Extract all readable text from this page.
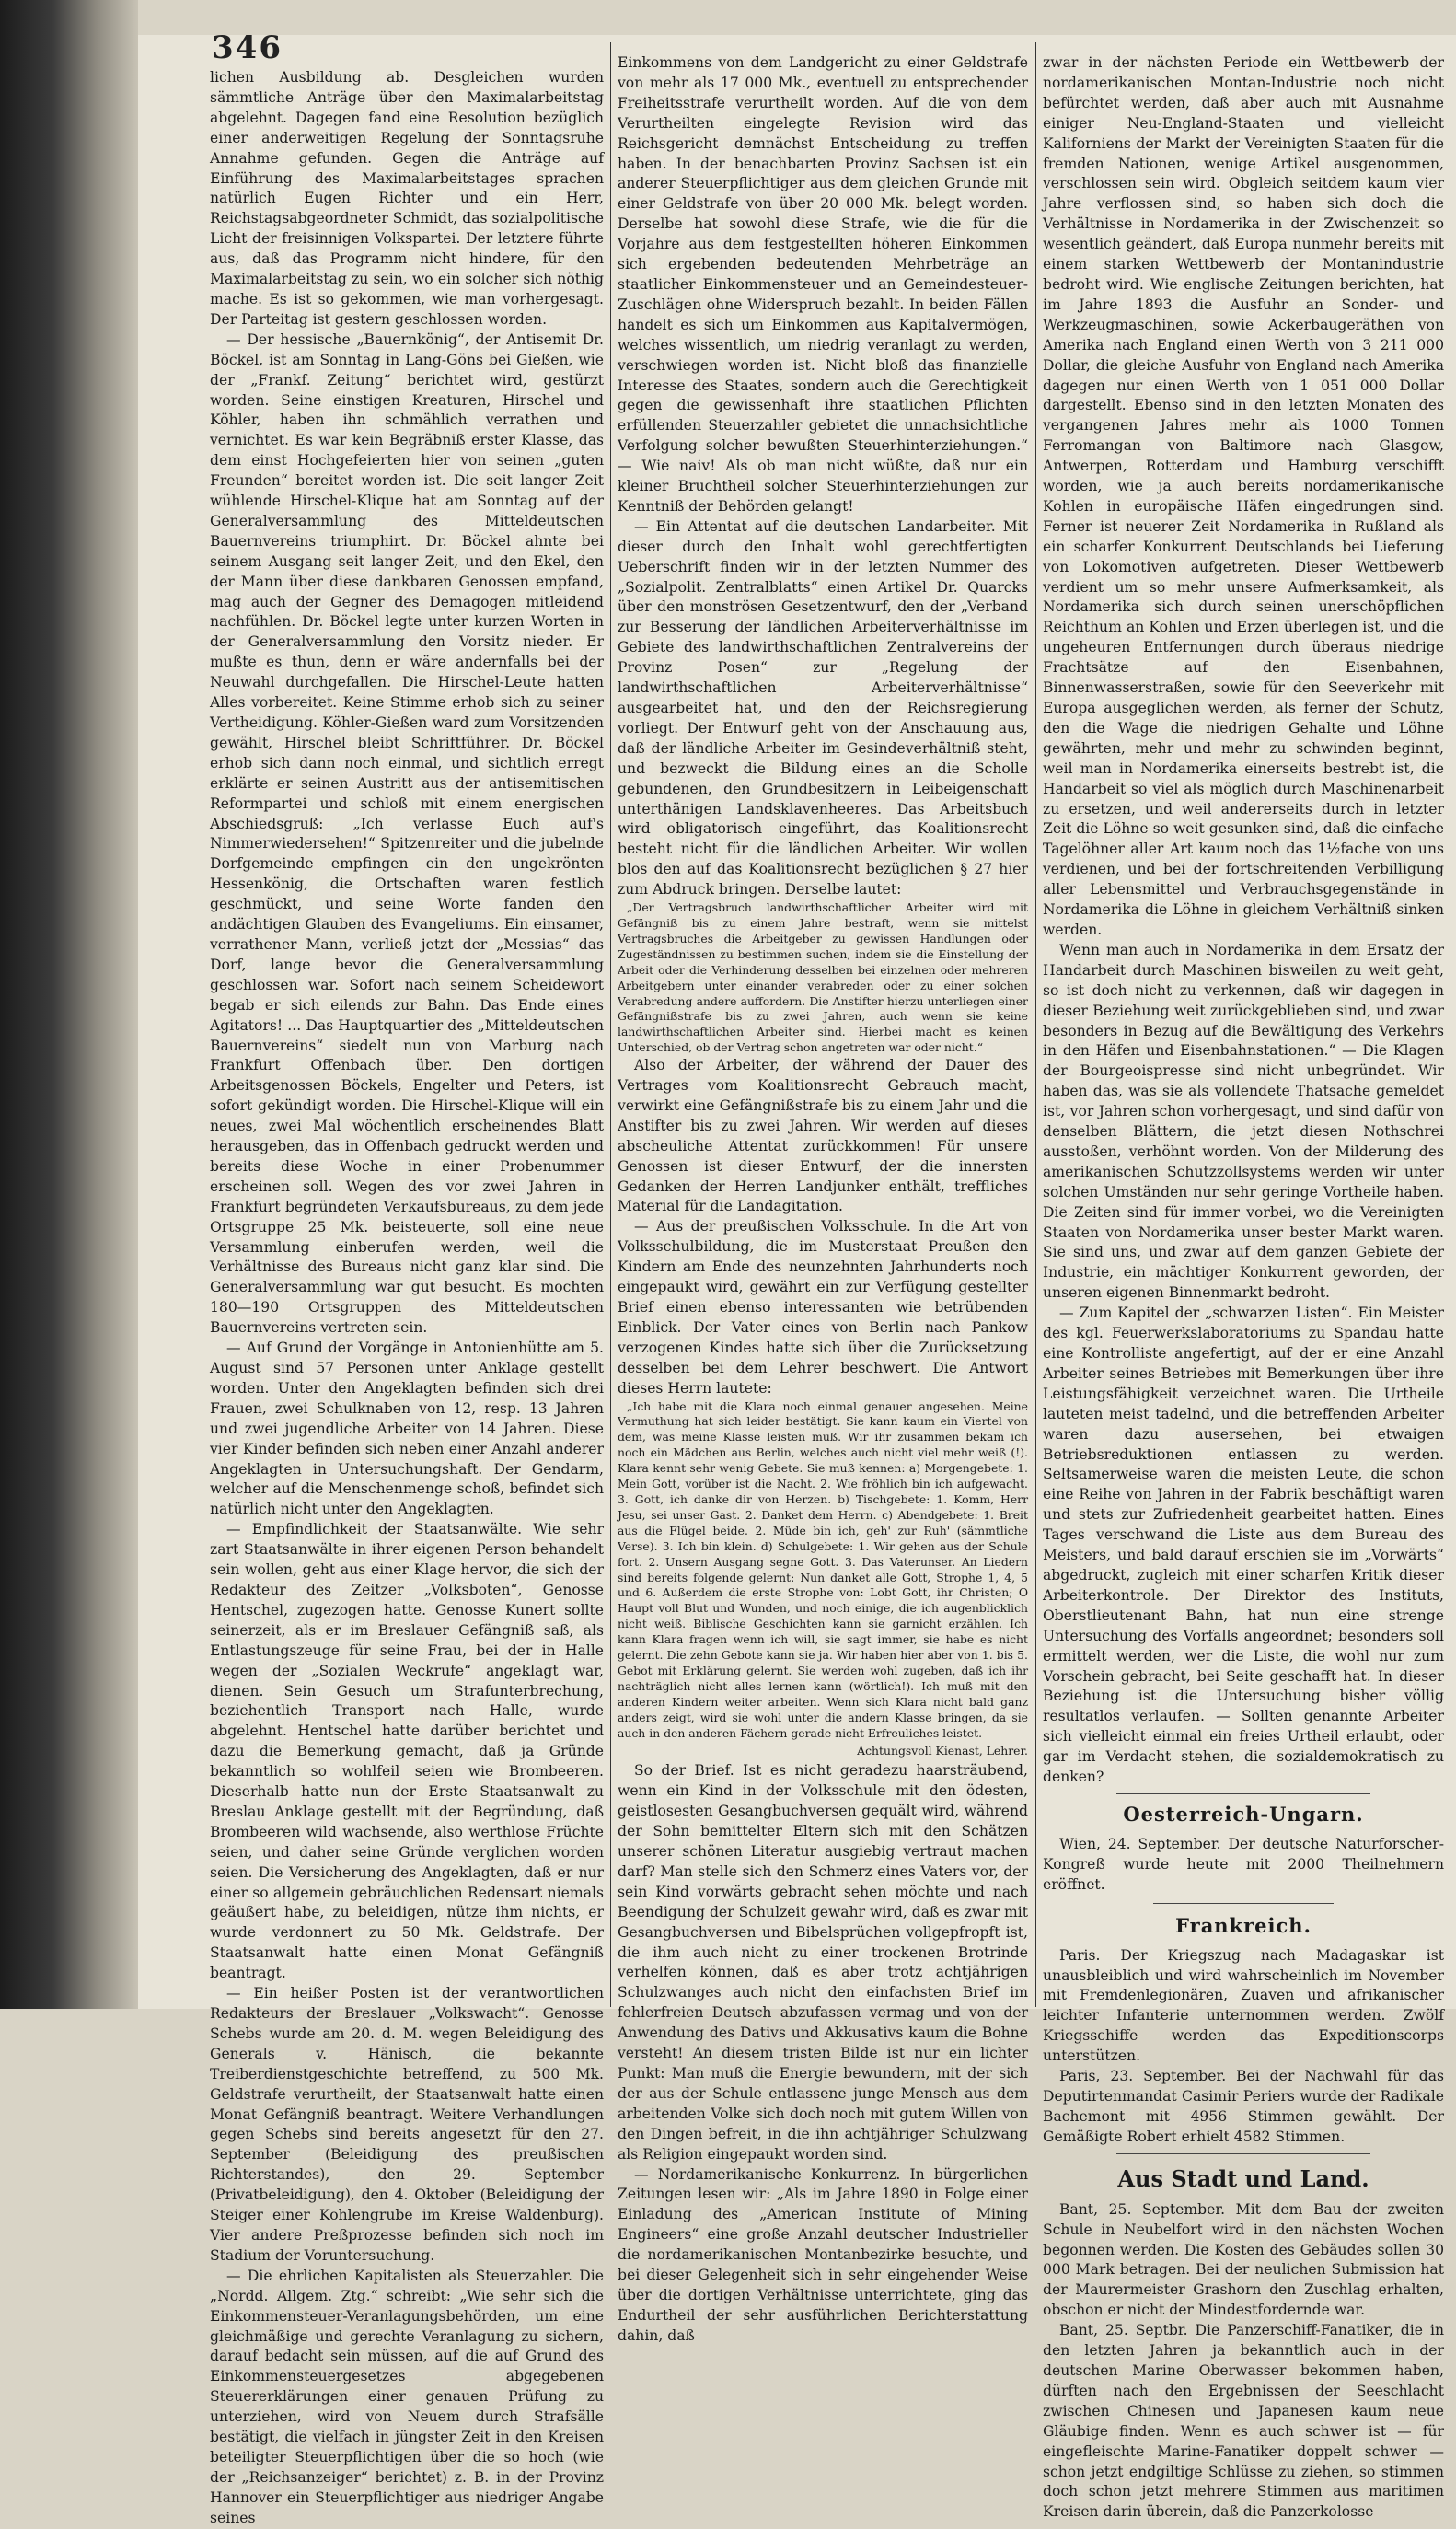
346

lichen Ausbildung ab. Desgleichen wurden sämmtliche Anträge über den Maximalarbeitstag abgelehnt. Dagegen fand eine Resolution bezüglich einer anderweitigen Regelung der Sonntagsruhe Annahme gefunden. Gegen die Anträge auf Einführung des Maximalarbeitstages sprachen natürlich Eugen Richter und ein Herr, Reichstagsabgeordneter Schmidt, das sozialpolitische Licht der freisinnigen Volkspartei. Der letztere führte aus, daß das Programm nicht hindere, für den Maximalarbeitstag zu sein, wo ein solcher sich nöthig mache. Es ist so gekommen, wie man vorhergesagt. Der Parteitag ist gestern geschlossen worden.

— Der hessische „Bauernkönig“, der Antisemit Dr. Böckel, ist am Sonntag in Lang-Göns bei Gießen, wie der „Frankf. Zeitung“ berichtet wird, gestürzt worden. Seine einstigen Kreaturen, Hirschel und Köhler, haben ihn schmählich verrathen und vernichtet. Es war kein Begräbniß erster Klasse, das dem einst Hochgefeierten hier von seinen „guten Freunden“ bereitet worden ist. Die seit langer Zeit wühlende Hirschel-Klique hat am Sonntag auf der Generalversammlung des Mitteldeutschen Bauernvereins triumphirt. Dr. Böckel ahnte bei seinem Ausgang seit langer Zeit, und den Ekel, den der Mann über diese dankbaren Genossen empfand, mag auch der Gegner des Demagogen mitleidend nachfühlen. Dr. Böckel legte unter kurzen Worten in der Generalversammlung den Vorsitz nieder. Er mußte es thun, denn er wäre andernfalls bei der Neuwahl durchgefallen. Die Hirschel-Leute hatten Alles vorbereitet. Keine Stimme erhob sich zu seiner Vertheidigung. Köhler-Gießen ward zum Vorsitzenden gewählt, Hirschel bleibt Schriftführer. Dr. Böckel erhob sich dann noch einmal, und sichtlich erregt erklärte er seinen Austritt aus der antisemitischen Reformpartei und schloß mit einem energischen Abschiedsgruß: „Ich verlasse Euch auf's Nimmerwiedersehen!“ Spitzenreiter und die jubelnde Dorfgemeinde empfingen ein den ungekrönten Hessenkönig, die Ortschaften waren festlich geschmückt, und seine Worte fanden den andächtigen Glauben des Evangeliums. Ein einsamer, verrathener Mann, verließ jetzt der „Messias“ das Dorf, lange bevor die Generalversammlung geschlossen war. Sofort nach seinem Scheidewort begab er sich eilends zur Bahn. Das Ende eines Agitators! ... Das Hauptquartier des „Mitteldeutschen Bauernvereins“ siedelt nun von Marburg nach Frankfurt Offenbach über. Den dortigen Arbeitsgenossen Böckels, Engelter und Peters, ist sofort gekündigt worden. Die Hirschel-Klique will ein neues, zwei Mal wöchentlich erscheinendes Blatt herausgeben, das in Offenbach gedruckt werden und bereits diese Woche in einer Probenummer erscheinen soll. Wegen des vor zwei Jahren in Frankfurt begründeten Verkaufsbureaus, zu dem jede Ortsgruppe 25 Mk. beisteuerte, soll eine neue Versammlung einberufen werden, weil die Verhältnisse des Bureaus nicht ganz klar sind. Die Generalversammlung war gut besucht. Es mochten 180—190 Ortsgruppen des Mitteldeutschen Bauernvereins vertreten sein.

— Auf Grund der Vorgänge in Antonienhütte am 5. August sind 57 Personen unter Anklage gestellt worden. Unter den Angeklagten befinden sich drei Frauen, zwei Schulknaben von 12, resp. 13 Jahren und zwei jugendliche Arbeiter von 14 Jahren. Diese vier Kinder befinden sich neben einer Anzahl anderer Angeklagten in Untersuchungshaft. Der Gendarm, welcher auf die Menschenmenge schoß, befindet sich natürlich nicht unter den Angeklagten.

— Empfindlichkeit der Staatsanwälte. Wie sehr zart Staatsanwälte in ihrer eigenen Person behandelt sein wollen, geht aus einer Klage hervor, die sich der Redakteur des Zeitzer „Volksboten“, Genosse Hentschel, zugezogen hatte. Genosse Kunert sollte seinerzeit, als er im Breslauer Gefängniß saß, als Entlastungszeuge für seine Frau, bei der in Halle wegen der „Sozialen Weckrufe“ angeklagt war, dienen. Sein Gesuch um Strafunterbrechung, beziehentlich Transport nach Halle, wurde abgelehnt. Hentschel hatte darüber berichtet und dazu die Bemerkung gemacht, daß ja Gründe bekanntlich so wohlfeil seien wie Brombeeren. Dieserhalb hatte nun der Erste Staatsanwalt zu Breslau Anklage gestellt mit der Begründung, daß Brombeeren wild wachsende, also werthlose Früchte seien, und daher seine Gründe verglichen worden seien. Die Versicherung des Angeklagten, daß er nur einer so allgemein gebräuchlichen Redensart niemals geäußert habe, zu beleidigen, nütze ihm nichts, er wurde verdonnert zu 50 Mk. Geldstrafe. Der Staatsanwalt hatte einen Monat Gefängniß beantragt.

— Ein heißer Posten ist der verantwortlichen Redakteurs der Breslauer „Volkswacht“. Genosse Schebs wurde am 20. d. M. wegen Beleidigung des Generals v. Hänisch, die bekannte Treiberdienstgeschichte betreffend, zu 500 Mk. Geldstrafe verurtheilt, der Staatsanwalt hatte einen Monat Gefängniß beantragt. Weitere Verhandlungen gegen Schebs sind bereits angesetzt für den 27. September (Beleidigung des preußischen Richterstandes), den 29. September (Privatbeleidigung), den 4. Oktober (Beleidigung der Steiger einer Kohlengrube im Kreise Waldenburg). Vier andere Preßprozesse befinden sich noch im Stadium der Voruntersuchung.

— Die ehrlichen Kapitalisten als Steuerzahler. Die „Nordd. Allgem. Ztg.“ schreibt: „Wie sehr sich die Einkommensteuer-Veranlagungsbehörden, um eine gleichmäßige und gerechte Veranlagung zu sichern, darauf bedacht sein müssen, auf die auf Grund des Einkommensteuergesetzes abgegebenen Steuererklärungen einer genauen Prüfung zu unterziehen, wird von Neuem durch Strafsälle bestätigt, die vielfach in jüngster Zeit in den Kreisen beteiligter Steuerpflichtigen über die so hoch (wie der „Reichsanzeiger“ berichtet) z. B. in der Provinz Hannover ein Steuerpflichtiger aus niedriger Angabe seines

Einkommens von dem Landgericht zu einer Geldstrafe von mehr als 17 000 Mk., eventuell zu entsprechender Freiheitsstrafe verurtheilt worden. Auf die von dem Verurtheilten eingelegte Revision wird das Reichsgericht demnächst Entscheidung zu treffen haben. In der benachbarten Provinz Sachsen ist ein anderer Steuerpflichtiger aus dem gleichen Grunde mit einer Geldstrafe von über 20 000 Mk. belegt worden. Derselbe hat sowohl diese Strafe, wie die für die Vorjahre aus dem festgestellten höheren Einkommen sich ergebenden bedeutenden Mehrbeträge an staatlicher Einkommensteuer und an Gemeindesteuer-Zuschlägen ohne Widerspruch bezahlt. In beiden Fällen handelt es sich um Einkommen aus Kapitalvermögen, welches wissentlich, um niedrig veranlagt zu werden, verschwiegen worden ist. Nicht bloß das finanzielle Interesse des Staates, sondern auch die Gerechtigkeit gegen die gewissenhaft ihre staatlichen Pflichten erfüllenden Steuerzahler gebietet die unnachsichtliche Verfolgung solcher bewußten Steuerhinterziehungen.“ — Wie naiv! Als ob man nicht wüßte, daß nur ein kleiner Bruchtheil solcher Steuerhinterziehungen zur Kenntniß der Behörden gelangt!

— Ein Attentat auf die deutschen Landarbeiter. Mit dieser durch den Inhalt wohl gerechtfertigten Ueberschrift finden wir in der letzten Nummer des „Sozialpolit. Zentralblatts“ einen Artikel Dr. Quarcks über den monströsen Gesetzentwurf, den der „Verband zur Besserung der ländlichen Arbeiterverhältnisse im Gebiete des landwirthschaftlichen Zentralvereins der Provinz Posen“ zur „Regelung der landwirthschaftlichen Arbeiterverhältnisse“ ausgearbeitet hat, und den der Reichsregierung vorliegt. Der Entwurf geht von der Anschauung aus, daß der ländliche Arbeiter im Gesindeverhältniß steht, und bezweckt die Bildung eines an die Scholle gebundenen, den Grundbesitzern in Leibeigenschaft unterthänigen Landsklavenheeres. Das Arbeitsbuch wird obligatorisch eingeführt, das Koalitionsrecht besteht nicht für die ländlichen Arbeiter. Wir wollen blos den auf das Koalitionsrecht bezüglichen § 27 hier zum Abdruck bringen. Derselbe lautet:

„Der Vertragsbruch landwirthschaftlicher Arbeiter wird mit Gefängniß bis zu einem Jahre bestraft, wenn sie mittelst Vertragsbruches die Arbeitgeber zu gewissen Handlungen oder Zugeständnissen zu bestimmen suchen, indem sie die Einstellung der Arbeit oder die Verhinderung desselben bei einzelnen oder mehreren Arbeitgebern unter einander verabreden oder zu einer solchen Verabredung andere auffordern. Die Anstifter hierzu unterliegen einer Gefängnißstrafe bis zu zwei Jahren, auch wenn sie keine landwirthschaftlichen Arbeiter sind. Hierbei macht es keinen Unterschied, ob der Vertrag schon angetreten war oder nicht.“

Also der Arbeiter, der während der Dauer des Vertrages vom Koalitionsrecht Gebrauch macht, verwirkt eine Gefängnißstrafe bis zu einem Jahr und die Anstifter bis zu zwei Jahren. Wir werden auf dieses abscheuliche Attentat zurückkommen! Für unsere Genossen ist dieser Entwurf, der die innersten Gedanken der Herren Landjunker enthält, treffliches Material für die Landagitation.

— Aus der preußischen Volksschule. In die Art von Volksschulbildung, die im Musterstaat Preußen den Kindern am Ende des neunzehnten Jahrhunderts noch eingepaukt wird, gewährt ein zur Verfügung gestellter Brief einen ebenso interessanten wie betrübenden Einblick. Der Vater eines von Berlin nach Pankow verzogenen Kindes hatte sich über die Zurücksetzung desselben bei dem Lehrer beschwert. Die Antwort dieses Herrn lautete:

„Ich habe mit die Klara noch einmal genauer angesehen. Meine Vermuthung hat sich leider bestätigt. Sie kann kaum ein Viertel von dem, was meine Klasse leisten muß. Wir ihr zusammen bekam ich noch ein Mädchen aus Berlin, welches auch nicht viel mehr weiß (!). Klara kennt sehr wenig Gebete. Sie muß kennen: a) Morgengebete: 1. Mein Gott, vorüber ist die Nacht. 2. Wie fröhlich bin ich aufgewacht. 3. Gott, ich danke dir von Herzen. b) Tischgebete: 1. Komm, Herr Jesu, sei unser Gast. 2. Danket dem Herrn. c) Abendgebete: 1. Breit aus die Flügel beide. 2. Müde bin ich, geh' zur Ruh' (sämmtliche Verse). 3. Ich bin klein. d) Schulgebete: 1. Wir gehen aus der Schule fort. 2. Unsern Ausgang segne Gott. 3. Das Vaterunser. An Liedern sind bereits folgende gelernt: Nun danket alle Gott, Strophe 1, 4, 5 und 6. Außerdem die erste Strophe von: Lobt Gott, ihr Christen; O Haupt voll Blut und Wunden, und noch einige, die ich augenblicklich nicht weiß. Biblische Geschichten kann sie garnicht erzählen. Ich kann Klara fragen wenn ich will, sie sagt immer, sie habe es nicht gelernt. Die zehn Gebote kann sie ja. Wir haben hier aber von 1. bis 5. Gebot mit Erklärung gelernt. Sie werden wohl zugeben, daß ich ihr nachträglich nicht alles lernen kann (wörtlich!). Ich muß mit den anderen Kindern weiter arbeiten. Wenn sich Klara nicht bald ganz anders zeigt, wird sie wohl unter die andern Klasse bringen, da sie auch in den anderen Fächern gerade nicht Erfreuliches leistet.

Achtungsvoll Kienast, Lehrer.

So der Brief. Ist es nicht geradezu haarsträubend, wenn ein Kind in der Volksschule mit den ödesten, geistlosesten Gesangbuchversen gequält wird, während der Sohn bemittelter Eltern sich mit den Schätzen unserer schönen Literatur ausgiebig vertraut machen darf? Man stelle sich den Schmerz eines Vaters vor, der sein Kind vorwärts gebracht sehen möchte und nach Beendigung der Schulzeit gewahr wird, daß es zwar mit Gesangbuchversen und Bibelsprüchen vollgepfropft ist, die ihm auch nicht zu einer trockenen Brotrinde verhelfen können, daß es aber trotz achtjährigen Schulzwanges auch nicht den einfachsten Brief im fehlerfreien Deutsch abzufassen vermag und von der Anwendung des Dativs und Akkusativs kaum die Bohne versteht! An diesem tristen Bilde ist nur ein lichter Punkt: Man muß die Energie bewundern, mit der sich der aus der Schule entlassene junge Mensch aus dem arbeitenden Volke sich doch noch mit gutem Willen von den Dingen befreit, in die ihn achtjähriger Schulzwang als Religion eingepaukt worden sind.

— Nordamerikanische Konkurrenz. In bürgerlichen Zeitungen lesen wir: „Als im Jahre 1890 in Folge einer Einladung des „American Institute of Mining Engineers“ eine große Anzahl deutscher Industrieller die nordamerikanischen Montanbezirke besuchte, und bei dieser Gelegenheit sich in sehr eingehender Weise über die dortigen Verhältnisse unterrichtete, ging das Endurtheil der sehr ausführlichen Berichterstattung dahin, daß

zwar in der nächsten Periode ein Wettbewerb der nordamerikanischen Montan-Industrie noch nicht befürchtet werden, daß aber auch mit Ausnahme einiger Neu-England-Staaten und vielleicht Kaliforniens der Markt der Vereinigten Staaten für die fremden Nationen, wenige Artikel ausgenommen, verschlossen sein wird. Obgleich seitdem kaum vier Jahre verflossen sind, so haben sich doch die Verhältnisse in Nordamerika in der Zwischenzeit so wesentlich geändert, daß Europa nunmehr bereits mit einem starken Wettbewerb der Montanindustrie bedroht wird. Wie englische Zeitungen berichten, hat im Jahre 1893 die Ausfuhr an Sonder- und Werkzeugmaschinen, sowie Ackerbaugeräthen von Amerika nach England einen Werth von 3 211 000 Dollar, die gleiche Ausfuhr von England nach Amerika dagegen nur einen Werth von 1 051 000 Dollar dargestellt. Ebenso sind in den letzten Monaten des vergangenen Jahres mehr als 1000 Tonnen Ferromangan von Baltimore nach Glasgow, Antwerpen, Rotterdam und Hamburg verschifft worden, wie ja auch bereits nordamerikanische Kohlen in europäische Häfen eingedrungen sind. Ferner ist neuerer Zeit Nordamerika in Rußland als ein scharfer Konkurrent Deutschlands bei Lieferung von Lokomotiven aufgetreten. Dieser Wettbewerb verdient um so mehr unsere Aufmerksamkeit, als Nordamerika sich durch seinen unerschöpflichen Reichthum an Kohlen und Erzen überlegen ist, und die ungeheuren Entfernungen durch überaus niedrige Frachtsätze auf den Eisenbahnen, Binnenwasserstraßen, sowie für den Seeverkehr mit Europa ausgeglichen werden, als ferner der Schutz, den die Wage die niedrigen Gehalte und Löhne gewährten, mehr und mehr zu schwinden beginnt, weil man in Nordamerika einerseits bestrebt ist, die Handarbeit so viel als möglich durch Maschinenarbeit zu ersetzen, und weil andererseits durch in letzter Zeit die Löhne so weit gesunken sind, daß die einfache Tagelöhner aller Art kaum noch das 1½fache von uns verdienen, und bei der fortschreitenden Verbilligung aller Lebensmittel und Verbrauchsgegenstände in Nordamerika die Löhne in gleichem Verhältniß sinken werden.

Wenn man auch in Nordamerika in dem Ersatz der Handarbeit durch Maschinen bisweilen zu weit geht, so ist doch nicht zu verkennen, daß wir dagegen in dieser Beziehung weit zurückgeblieben sind, und zwar besonders in Bezug auf die Bewältigung des Verkehrs in den Häfen und Eisenbahnstationen.“ — Die Klagen der Bourgeoispresse sind nicht unbegründet. Wir haben das, was sie als vollendete Thatsache gemeldet ist, vor Jahren schon vorhergesagt, und sind dafür von denselben Blättern, die jetzt diesen Nothschrei ausstoßen, verhöhnt worden. Von der Milderung des amerikanischen Schutzzollsystems werden wir unter solchen Umständen nur sehr geringe Vortheile haben. Die Zeiten sind für immer vorbei, wo die Vereinigten Staaten von Nordamerika unser bester Markt waren. Sie sind uns, und zwar auf dem ganzen Gebiete der Industrie, ein mächtiger Konkurrent geworden, der unseren eigenen Binnenmarkt bedroht.

— Zum Kapitel der „schwarzen Listen“. Ein Meister des kgl. Feuerwerkslaboratoriums zu Spandau hatte eine Kontrolliste angefertigt, auf der er eine Anzahl Arbeiter seines Betriebes mit Bemerkungen über ihre Leistungsfähigkeit verzeichnet waren. Die Urtheile lauteten meist tadelnd, und die betreffenden Arbeiter waren dazu ausersehen, bei etwaigen Betriebsreduktionen entlassen zu werden. Seltsamerweise waren die meisten Leute, die schon eine Reihe von Jahren in der Fabrik beschäftigt waren und stets zur Zufriedenheit gearbeitet hatten. Eines Tages verschwand die Liste aus dem Bureau des Meisters, und bald darauf erschien sie im „Vorwärts“ abgedruckt, zugleich mit einer scharfen Kritik dieser Arbeiterkontrole. Der Direktor des Instituts, Oberstlieutenant Bahn, hat nun eine strenge Untersuchung des Vorfalls angeordnet; besonders soll ermittelt werden, wer die Liste, die wohl nur zum Vorschein gebracht, bei Seite geschafft hat. In dieser Beziehung ist die Untersuchung bisher völlig resultatlos verlaufen. — Sollten genannte Arbeiter sich vielleicht einmal ein freies Urtheil erlaubt, oder gar im Verdacht stehen, die sozialdemokratisch zu denken?

Oesterreich-Ungarn.

Wien, 24. September. Der deutsche Naturforscher-Kongreß wurde heute mit 2000 Theilnehmern eröffnet.

Frankreich.

Paris. Der Kriegszug nach Madagaskar ist unausbleiblich und wird wahrscheinlich im November mit Fremdenlegionären, Zuaven und afrikanischer leichter Infanterie unternommen werden. Zwölf Kriegsschiffe werden das Expeditionscorps unterstützen.

Paris, 23. September. Bei der Nachwahl für das Deputirtenmandat Casimir Periers wurde der Radikale Bachemont mit 4956 Stimmen gewählt. Der Gemäßigte Robert erhielt 4582 Stimmen.

Aus Stadt und Land.

Bant, 25. September. Mit dem Bau der zweiten Schule in Neubelfort wird in den nächsten Wochen begonnen werden. Die Kosten des Gebäudes sollen 30 000 Mark betragen. Bei der neulichen Submission hat der Maurermeister Grashorn den Zuschlag erhalten, obschon er nicht der Mindestfordernde war.

Bant, 25. Septbr. Die Panzerschiff-Fanatiker, die in den letzten Jahren ja bekanntlich auch in der deutschen Marine Oberwasser bekommen haben, dürften nach den Ergebnissen der Seeschlacht zwischen Chinesen und Japanesen kaum neue Gläubige finden. Wenn es auch schwer ist — für eingefleischte Marine-Fanatiker doppelt schwer — schon jetzt endgiltige Schlüsse zu ziehen, so stimmen doch schon jetzt mehrere Stimmen aus maritimen Kreisen darin überein, daß die Panzerkolosse
